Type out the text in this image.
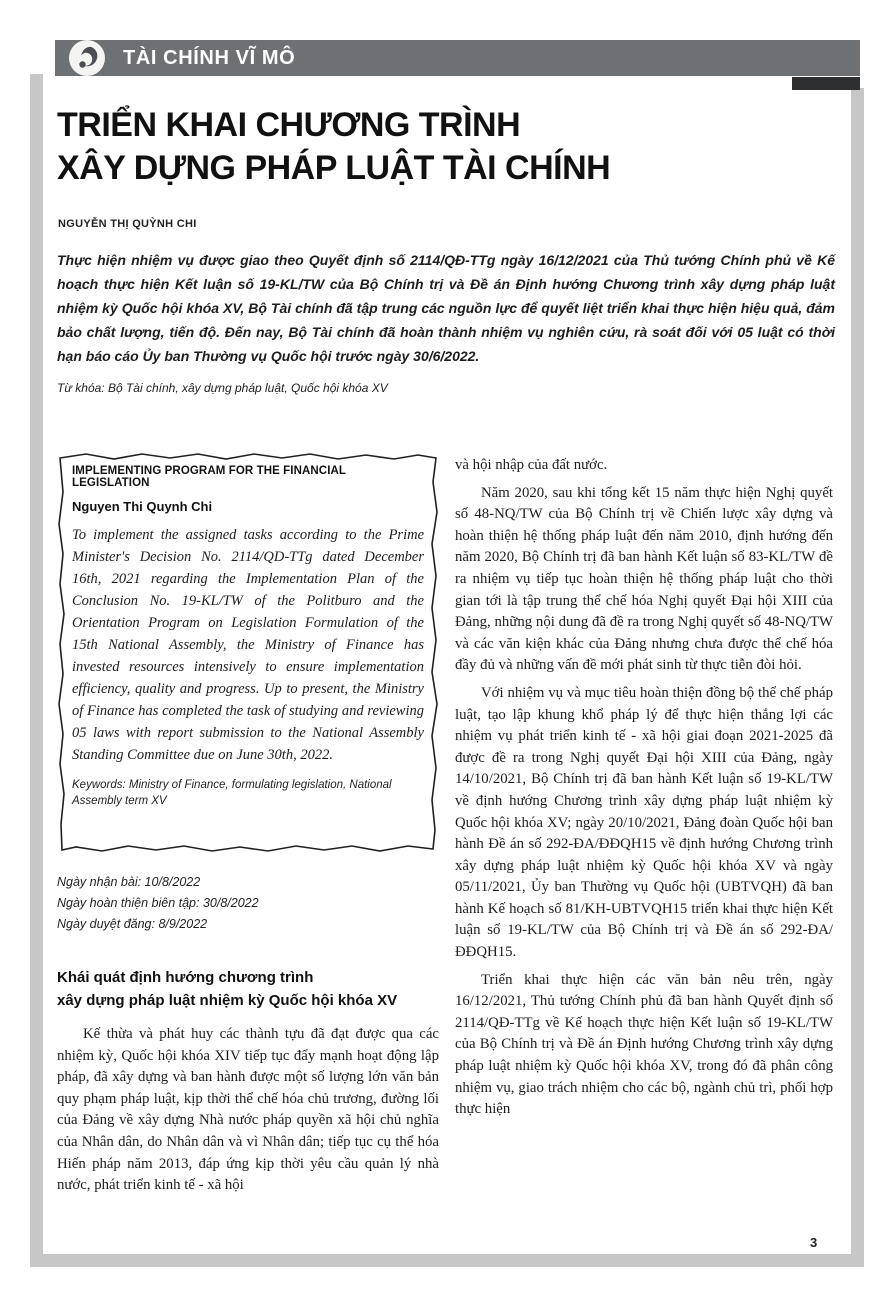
TÀI CHÍNH VĨ MÔ
TRIỂN KHAI CHƯƠNG TRÌNH
XÂY DỰNG PHÁP LUẬT TÀI CHÍNH
NGUYỄN THỊ QUỲNH CHI
Thực hiện nhiệm vụ được giao theo Quyết định số 2114/QĐ-TTg ngày 16/12/2021 của Thủ tướng Chính phủ về Kế hoạch thực hiện Kết luận số 19-KL/TW của Bộ Chính trị và Đề án Định hướng Chương trình xây dựng pháp luật nhiệm kỳ Quốc hội khóa XV, Bộ Tài chính đã tập trung các nguồn lực để quyết liệt triển khai thực hiện hiệu quả, đảm bảo chất lượng, tiến độ. Đến nay, Bộ Tài chính đã hoàn thành nhiệm vụ nghiên cứu, rà soát đối với 05 luật có thời hạn báo cáo Ủy ban Thường vụ Quốc hội trước ngày 30/6/2022.
Từ khóa: Bộ Tài chính, xây dựng pháp luật, Quốc hội khóa XV
IMPLEMENTING PROGRAM FOR THE FINANCIAL LEGISLATION
Nguyen Thi Quynh Chi
To implement the assigned tasks according to the Prime Minister's Decision No. 2114/QD-TTg dated December 16th, 2021 regarding the Implementation Plan of the Conclusion No. 19-KL/TW of the Politburo and the Orientation Program on Legislation Formulation of the 15th National Assembly, the Ministry of Finance has invested resources intensively to ensure implementation efficiency, quality and progress. Up to present, the Ministry of Finance has completed the task of studying and reviewing 05 laws with report submission to the National Assembly Standing Committee due on June 30th, 2022.
Keywords: Ministry of Finance, formulating legislation, National Assembly term XV
Ngày nhận bài: 10/8/2022
Ngày hoàn thiện biên tập: 30/8/2022
Ngày duyệt đăng: 8/9/2022
Khái quát định hướng chương trình
xây dựng pháp luật nhiệm kỳ Quốc hội khóa XV

Kế thừa và phát huy các thành tựu đã đạt được qua các nhiệm kỳ, Quốc hội khóa XIV tiếp tục đẩy mạnh hoạt động lập pháp, đã xây dựng và ban hành được một số lượng lớn văn bản quy phạm pháp luật, kịp thời thể chế hóa chủ trương, đường lối của Đảng về xây dựng Nhà nước pháp quyền xã hội chủ nghĩa của Nhân dân, do Nhân dân và vì Nhân dân; tiếp tục cụ thể hóa Hiến pháp năm 2013, đáp ứng kịp thời yêu cầu quản lý nhà nước, phát triển kinh tế - xã hội

và hội nhập của đất nước.

Năm 2020, sau khi tổng kết 15 năm thực hiện Nghị quyết số 48-NQ/TW của Bộ Chính trị về Chiến lược xây dựng và hoàn thiện hệ thống pháp luật đến năm 2010, định hướng đến năm 2020, Bộ Chính trị đã ban hành Kết luận số 83-KL/TW đề ra nhiệm vụ tiếp tục hoàn thiện hệ thống pháp luật cho thời gian tới là tập trung thể chế hóa Nghị quyết Đại hội XIII của Đảng, những nội dung đã đề ra trong Nghị quyết số 48-NQ/TW và các văn kiện khác của Đảng nhưng chưa được thể chế hóa đầy đủ và những vấn đề mới phát sinh từ thực tiễn đòi hỏi.

Với nhiệm vụ và mục tiêu hoàn thiện đồng bộ thể chế pháp luật, tạo lập khung khổ pháp lý để thực hiện thắng lợi các nhiệm vụ phát triển kinh tế - xã hội giai đoạn 2021-2025 đã được đề ra trong Nghị quyết Đại hội XIII của Đảng, ngày 14/10/2021, Bộ Chính trị đã ban hành Kết luận số 19-KL/TW về định hướng Chương trình xây dựng pháp luật nhiệm kỳ Quốc hội khóa XV; ngày 20/10/2021, Đảng đoàn Quốc hội ban hành Đề án số 292-ĐA/ĐĐQH15 về định hướng Chương trình xây dựng pháp luật nhiệm kỳ Quốc hội khóa XV và ngày 05/11/2021, Ủy ban Thường vụ Quốc hội (UBTVQH) đã ban hành Kế hoạch số 81/KH-UBTVQH15 triển khai thực hiện Kết luận số 19-KL/TW của Bộ Chính trị và Đề án số 292-ĐA/ĐĐQH15.

Triển khai thực hiện các văn bản nêu trên, ngày 16/12/2021, Thủ tướng Chính phủ đã ban hành Quyết định số 2114/QĐ-TTg về Kế hoạch thực hiện Kết luận số 19-KL/TW của Bộ Chính trị và Đề án Định hướng Chương trình xây dựng pháp luật nhiệm kỳ Quốc hội khóa XV, trong đó đã phân công nhiệm vụ, giao trách nhiệm cho các bộ, ngành chủ trì, phối hợp thực hiện

3
